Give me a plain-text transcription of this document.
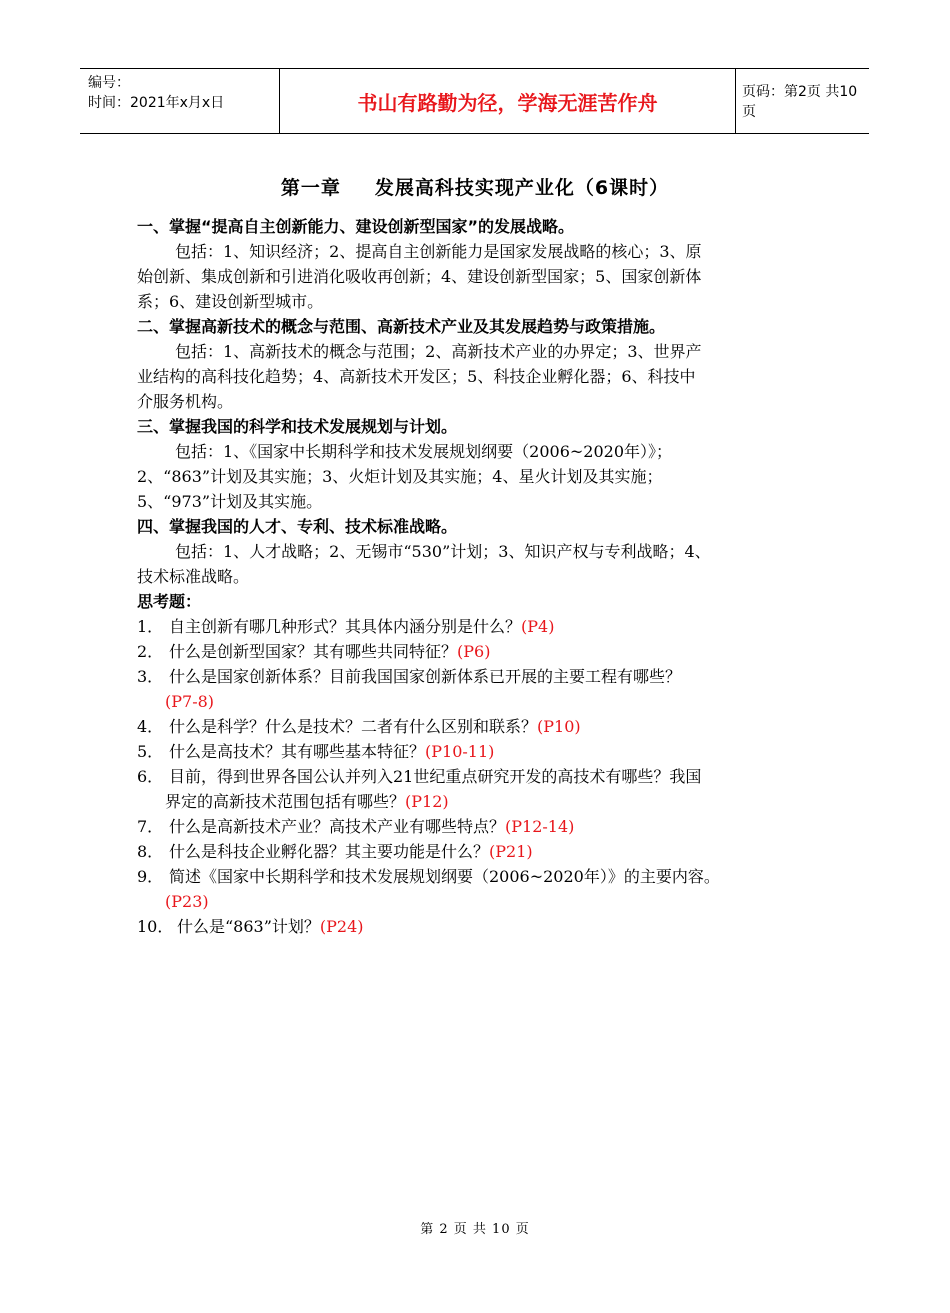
编号：
时间：2021年x月x日	书山有路勤为径，学海无涯苦作舟	页码：第2页 共10页
第一章 发展高科技实现产业化（6课时）
一、掌握“提高自主创新能力、建设创新型国家”的发展战略。
包括：1、知识经济；2、提高自主创新能力是国家发展战略的核心；3、原
始创新、集成创新和引进消化吸收再创新；4、建设创新型国家；5、国家创新体
系；6、建设创新型城市。
二、掌握高新技术的概念与范围、高新技术产业及其发展趋势与政策措施。
包括：1、高新技术的概念与范围；2、高新技术产业的办界定；3、世界产
业结构的高科技化趋势；4、高新技术开发区；5、科技企业孵化器；6、科技中
介服务机构。
三、掌握我国的科学和技术发展规划与计划。
包括：1、《国家中长期科学和技术发展规划纲要（2006~2020年）》；
2、“863”计划及其实施；3、火炬计划及其实施；4、星火计划及其实施；
5、“973”计划及其实施。
四、掌握我国的人才、专利、技术标准战略。
包括：1、人才战略；2、无锡市“530”计划；3、知识产权与专利战略；4、
技术标准战略。
思考题：
1． 自主创新有哪几种形式？其具体内涵分别是什么？(P4)
2． 什么是创新型国家？其有哪些共同特征？(P6)
3． 什么是国家创新体系？目前我国国家创新体系已开展的主要工程有哪些？
(P7-8)
4． 什么是科学？什么是技术？二者有什么区别和联系？(P10)
5． 什么是高技术？其有哪些基本特征？(P10-11)
6． 目前，得到世界各国公认并列入21世纪重点研究开发的高技术有哪些？我国
界定的高新技术范围包括有哪些？(P12)
7． 什么是高新技术产业？高技术产业有哪些特点？(P12-14)
8． 什么是科技企业孵化器？其主要功能是什么？(P21)
9． 简述《国家中长期科学和技术发展规划纲要（2006~2020年）》的主要内容。
(P23)
10． 什么是“863”计划？(P24)
第 2 页 共 10 页
